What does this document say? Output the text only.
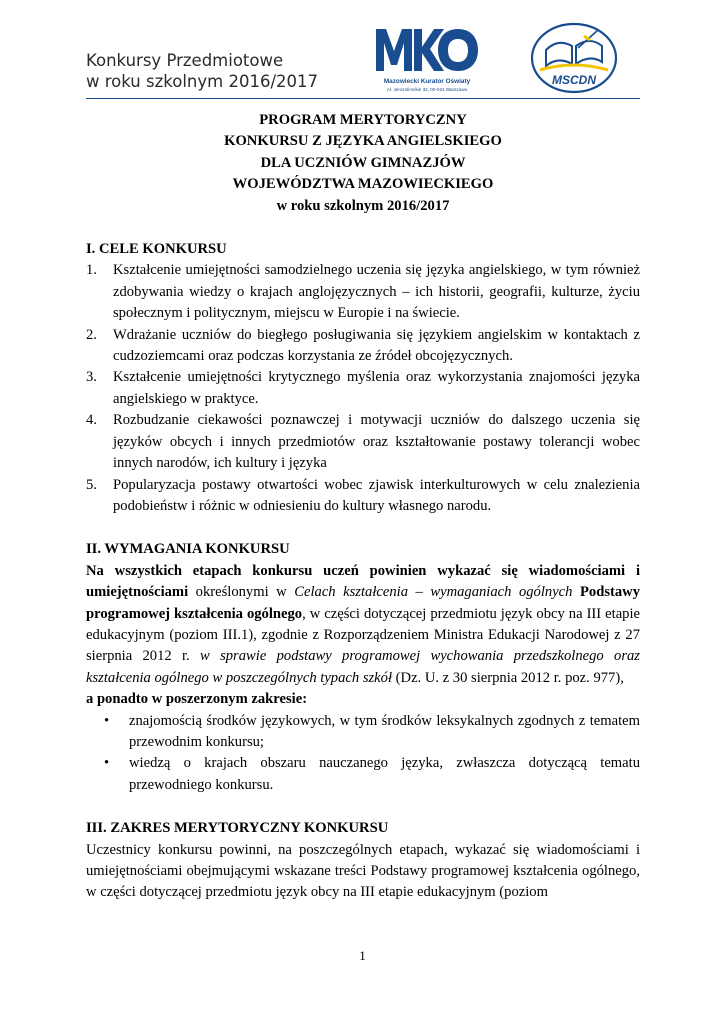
Konkursy Przedmiotowe
w roku szkolnym 2016/2017	Mazowiecki Kurator Oświaty
Al. Jerozolimskie 32, 00-024 Warszawa
MSCDN
PROGRAM MERYTORYCZNY
KONKURSU Z JĘZYKA ANGIELSKIEGO
DLA UCZNIÓW GIMNAZJÓW
WOJEWÓDZTWA MAZOWIECKIEGO
w roku szkolnym 2016/2017
I. CELE KONKURSU
1. Kształcenie umiejętności samodzielnego uczenia się języka angielskiego, w tym również zdobywania wiedzy o krajach anglojęzycznych – ich historii, geografii, kulturze, życiu społecznym i politycznym, miejscu w Europie i na świecie.
2. Wdrażanie uczniów do biegłego posługiwania się językiem angielskim w kontaktach z cudzoziemcami oraz podczas korzystania ze źródeł obcojęzycznych.
3. Kształcenie umiejętności krytycznego myślenia oraz wykorzystania znajomości języka angielskiego w praktyce.
4. Rozbudzanie ciekawości poznawczej i motywacji uczniów do dalszego uczenia się języków obcych i innych przedmiotów oraz kształtowanie postawy tolerancji wobec innych narodów, ich kultury i języka
5. Popularyzacja postawy otwartości wobec zjawisk interkulturowych w celu znalezienia podobieństw i różnic w odniesieniu do kultury własnego narodu.
II. WYMAGANIA KONKURSU
Na wszystkich etapach konkursu uczeń powinien wykazać się wiadomościami i umiejętnościami określonymi w Celach kształcenia – wymaganiach ogólnych Podstawy programowej kształcenia ogólnego, w części dotyczącej przedmiotu język obcy na III etapie edukacyjnym (poziom III.1), zgodnie z Rozporządzeniem Ministra Edukacji Narodowej z 27 sierpnia 2012 r. w sprawie podstawy programowej wychowania przedszkolnego oraz kształcenia ogólnego w poszczególnych typach szkół (Dz. U. z 30 sierpnia 2012 r. poz. 977),
a ponadto w poszerzonym zakresie:
• znajomością środków językowych, w tym środków leksykalnych zgodnych z tematem przewodnim konkursu;
• wiedzą o krajach obszaru nauczanego języka, zwłaszcza dotyczącą tematu przewodniego konkursu.
III. ZAKRES MERYTORYCZNY KONKURSU
Uczestnicy konkursu powinni, na poszczególnych etapach, wykazać się wiadomościami i umiejętnościami obejmującymi wskazane treści Podstawy programowej kształcenia ogólnego, w części dotyczącej przedmiotu język obcy na III etapie edukacyjnym (poziom
1
